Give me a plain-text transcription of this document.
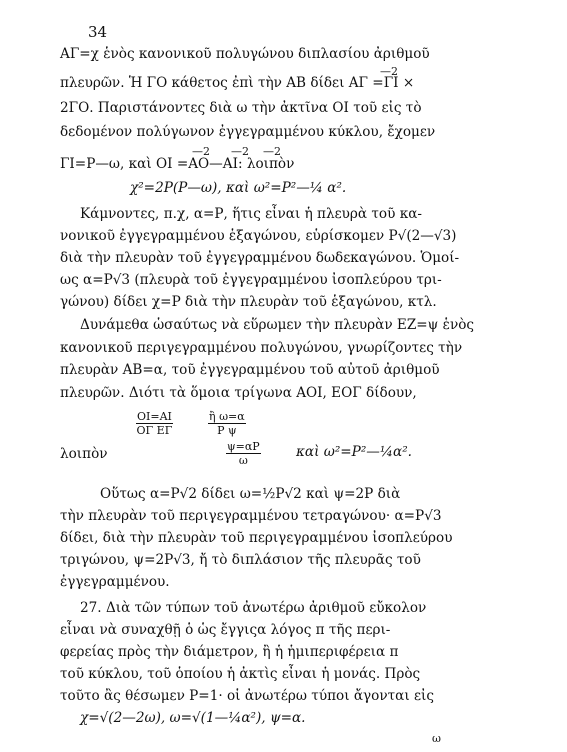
34
ΑΓ=χ ἑνὸς κανονικοῦ πολυγώνου διπλασίου ἀριθμοῦ
—2
πλευρῶν. Ἡ ΓΟ κάθετος ἐπὶ τὴν ΑΒ δίδει ΑΓ =ΓΙ ×
2ΓΟ. Παριστάνοντες διὰ ω τὴν ἀκτῖνα ΟΙ τοῦ εἰς τὸ
δεδομένον πολύγωνον ἐγγεγραμμένου κύκλου, ἔχομεν
—2      —2    —2
ΓΙ=Ρ—ω, καὶ ΟΙ =ΑΟ—ΑΙ: λοιπὸν
χ²=2Ρ(Ρ—ω), καὶ ω²=Ρ²—¼ α².
Κάμνοντες, π.χ, α=Ρ, ἥτις εἶναι ἡ πλευρὰ τοῦ κα-
νονικοῦ ἐγγεγραμμένου ἑξαγώνου, εὑρίσκομεν Ρ√(2—√3)
διὰ τὴν πλευρὰν τοῦ ἐγγεγραμμένου δωδεκαγώνου. Ὁμοί-
ως α=Ρ√3 (πλευρὰ τοῦ ἐγγεγραμμένου ἰσοπλεύρου τρι-
γώνου) δίδει χ=Ρ διὰ τὴν πλευρὰν τοῦ ἑξαγώνου, κτλ.
Δυνάμεθα ὡσαύτως νὰ εὕρωμεν τὴν πλευρὰν ΕΖ=ψ ἑνὸς
κανονικοῦ περιγεγραμμένου πολυγώνου, γνωρίζοντες τὴν
πλευρὰν ΑΒ=α, τοῦ ἐγγεγραμμένου τοῦ αὐτοῦ ἀριθμοῦ
πλευρῶν. Διότι τὰ ὅμοια τρίγωνα ΑΟΙ, ΕΟΓ δίδουν,
$\frac{OI=AI}{\text{ΟΓ ΕΓ}}$	$\frac{\text{ἢ ω=α}}{\text{Ρ ψ}}$
λοιπὸν	$\frac{\psi=\alpha P}{\omega}$	καὶ ω²=Ρ²—¼α².
Οὕτως α=Ρ√2 δίδει ω=½Ρ√2 καὶ ψ=2Ρ διὰ
τὴν πλευρὰν τοῦ περιγεγραμμένου τετραγώνου· α=Ρ√3
δίδει, διὰ τὴν πλευρὰν τοῦ περιγεγραμμένου ἰσοπλεύρου
τριγώνου, ψ=2Ρ√3, ἤ τὸ διπλάσιον τῆς πλευρᾶς τοῦ
ἐγγεγραμμένου.
27. Διὰ τῶν τύπων τοῦ ἀνωτέρω ἀριθμοῦ εὔκολον
εἶναι νὰ συναχθῇ ὁ ὡς ἔγγιςα λόγος π τῆς περι-
φερείας πρὸς τὴν διάμετρον, ἢ ἡ ἡμιπεριφέρεια π
τοῦ κύκλου, τοῦ ὁποίου ἡ ἀκτὶς εἶναι ἡ μονάς. Πρὸς
τοῦτο ἂς θέσωμεν Ρ=1· οἱ ἀνωτέρω τύποι ἄγονται εἰς
χ=√(2—2ω), ω=√(1—¼α²), ψ=α.
ω
